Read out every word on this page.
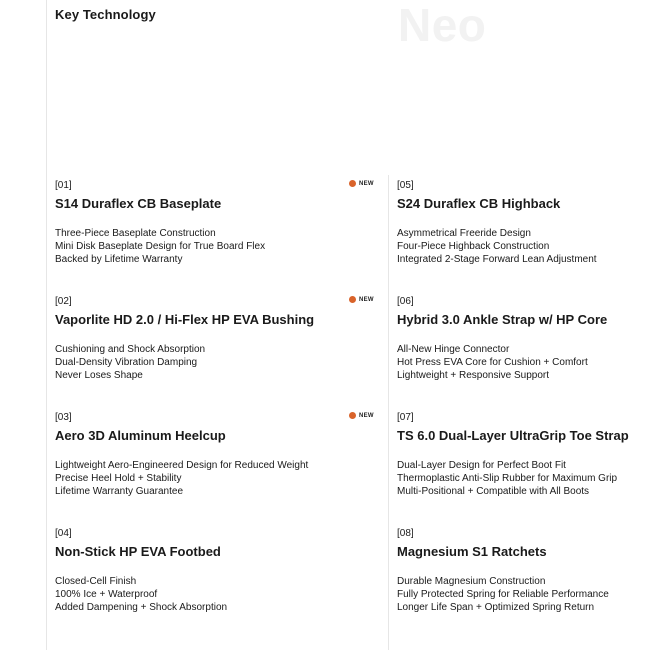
Key Technology	Neo
[01]	NEW
S14 Duraflex CB Baseplate
Three-Piece Baseplate Construction
Mini Disk Baseplate Design for True Board Flex
Backed by Lifetime Warranty
[02]	NEW
Vaporlite HD 2.0 / Hi-Flex HP EVA Bushing
Cushioning and Shock Absorption
Dual-Density Vibration Damping
Never Loses Shape
[03]	NEW
Aero 3D Aluminum Heelcup
Lightweight Aero-Engineered Design for Reduced Weight
Precise Heel Hold + Stability
Lifetime Warranty Guarantee
[04]
Non-Stick HP EVA Footbed
Closed-Cell Finish
100% Ice + Waterproof
Added Dampening + Shock Absorption
[05]
S24 Duraflex CB Highback
Asymmetrical Freeride Design
Four-Piece Highback Construction
Integrated 2-Stage Forward Lean Adjustment
[06]
Hybrid 3.0 Ankle Strap w/ HP Core
All-New Hinge Connector
Hot Press EVA Core for Cushion + Comfort
Lightweight + Responsive Support
[07]
TS 6.0 Dual-Layer UltraGrip Toe Strap
Dual-Layer Design for Perfect Boot Fit
Thermoplastic Anti-Slip Rubber for Maximum Grip
Multi-Positional + Compatible with All Boots
[08]
Magnesium S1 Ratchets
Durable Magnesium Construction
Fully Protected Spring for Reliable Performance
Longer Life Span + Optimized Spring Return
